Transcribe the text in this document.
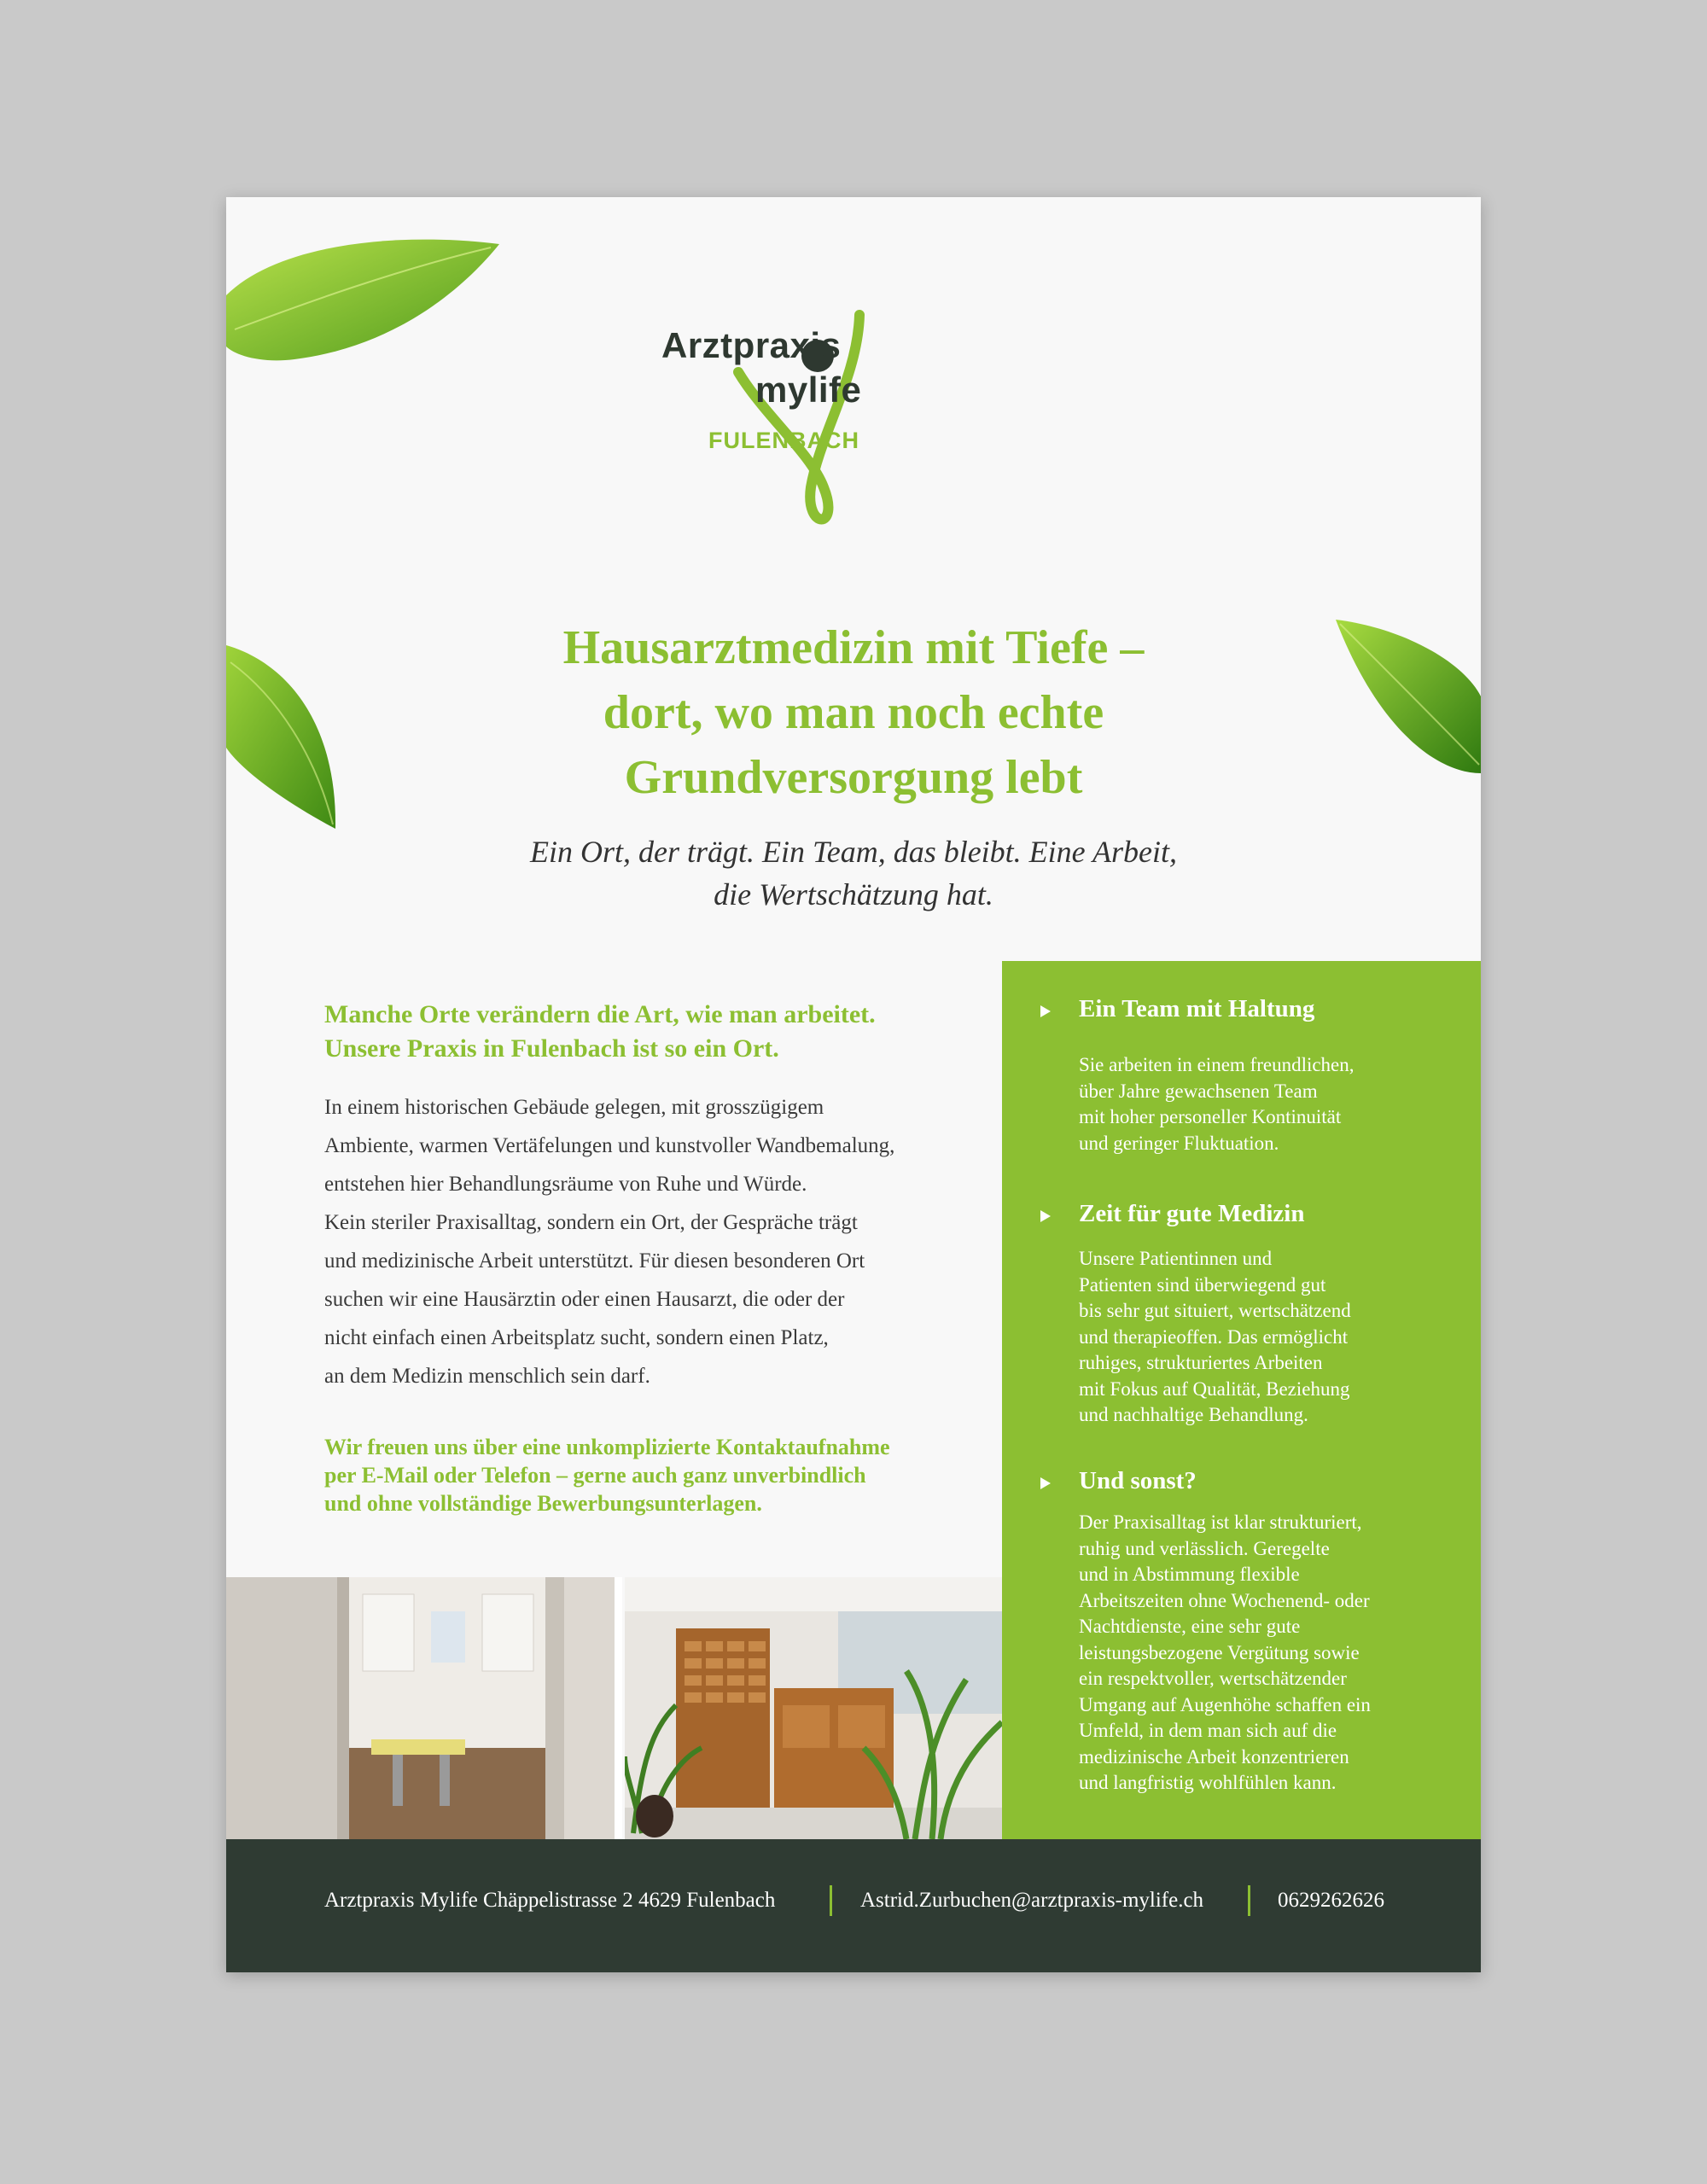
Arztpraxis
mylife
FULENBACH
Hausarztmedizin mit Tiefe –
dort, wo man noch echte
Grundversorgung lebt
Ein Ort, der trägt. Ein Team, das bleibt. Eine Arbeit,
die Wertschätzung hat.
Manche Orte verändern die Art, wie man arbeitet.
Unsere Praxis in Fulenbach ist so ein Ort.
In einem historischen Gebäude gelegen, mit grosszügigem
Ambiente, warmen Vertäfelungen und kunstvoller Wandbemalung,
entstehen hier Behandlungsräume von Ruhe und Würde.
Kein steriler Praxisalltag, sondern ein Ort, der Gespräche trägt
und medizinische Arbeit unterstützt. Für diesen besonderen Ort
suchen wir eine Hausärztin oder einen Hausarzt, die oder der
nicht einfach einen Arbeitsplatz sucht, sondern einen Platz,
an dem Medizin menschlich sein darf.
Wir freuen uns über eine unkomplizierte Kontaktaufnahme
per E-Mail oder Telefon – gerne auch ganz unverbindlich
und ohne vollständige Bewerbungsunterlagen.
Ein Team mit Haltung
Sie arbeiten in einem freundlichen,
über Jahre gewachsenen Team
mit hoher personeller Kontinuität
und geringer Fluktuation.
Zeit für gute Medizin
Unsere Patientinnen und
Patienten sind überwiegend gut
bis sehr gut situiert, wertschätzend
und therapieoffen. Das ermöglicht
ruhiges, strukturiertes Arbeiten
mit Fokus auf Qualität, Beziehung
und nachhaltige Behandlung.
Und sonst?
Der Praxisalltag ist klar strukturiert,
ruhig und verlässlich. Geregelte
und in Abstimmung flexible
Arbeitszeiten ohne Wochenend- oder
Nachtdienste, eine sehr gute
leistungsbezogene Vergütung sowie
ein respektvoller, wertschätzender
Umgang auf Augenhöhe schaffen ein
Umfeld, in dem man sich auf die
medizinische Arbeit konzentrieren
und langfristig wohlfühlen kann.
Arztpraxis Mylife Chäppelistrasse 2 4629 Fulenbach	Astrid.Zurbuchen@arztpraxis-mylife.ch	0629262626
